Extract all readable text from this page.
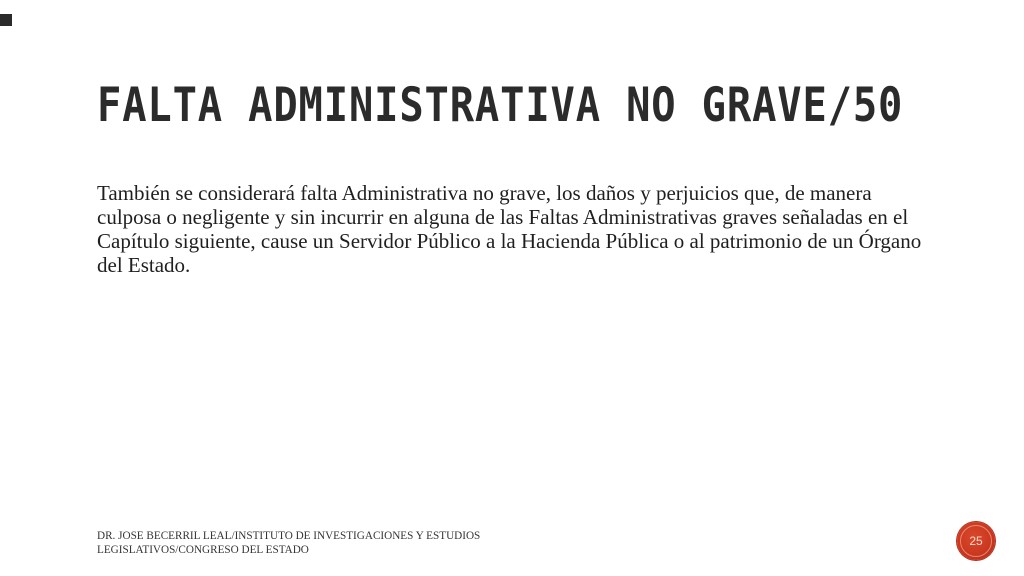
FALTA ADMINISTRATIVA NO GRAVE/50

También se considerará falta Administrativa no grave, los daños y perjuicios que, de manera culposa o negligente y sin incurrir en alguna de las Faltas Administrativas graves señaladas en el Capítulo siguiente, cause un Servidor Público a la Hacienda Pública o al patrimonio de un Órgano del Estado.

DR. JOSE BECERRIL LEAL/INSTITUTO DE INVESTIGACIONES Y ESTUDIOS LEGISLATIVOS/CONGRESO DEL ESTADO

25
